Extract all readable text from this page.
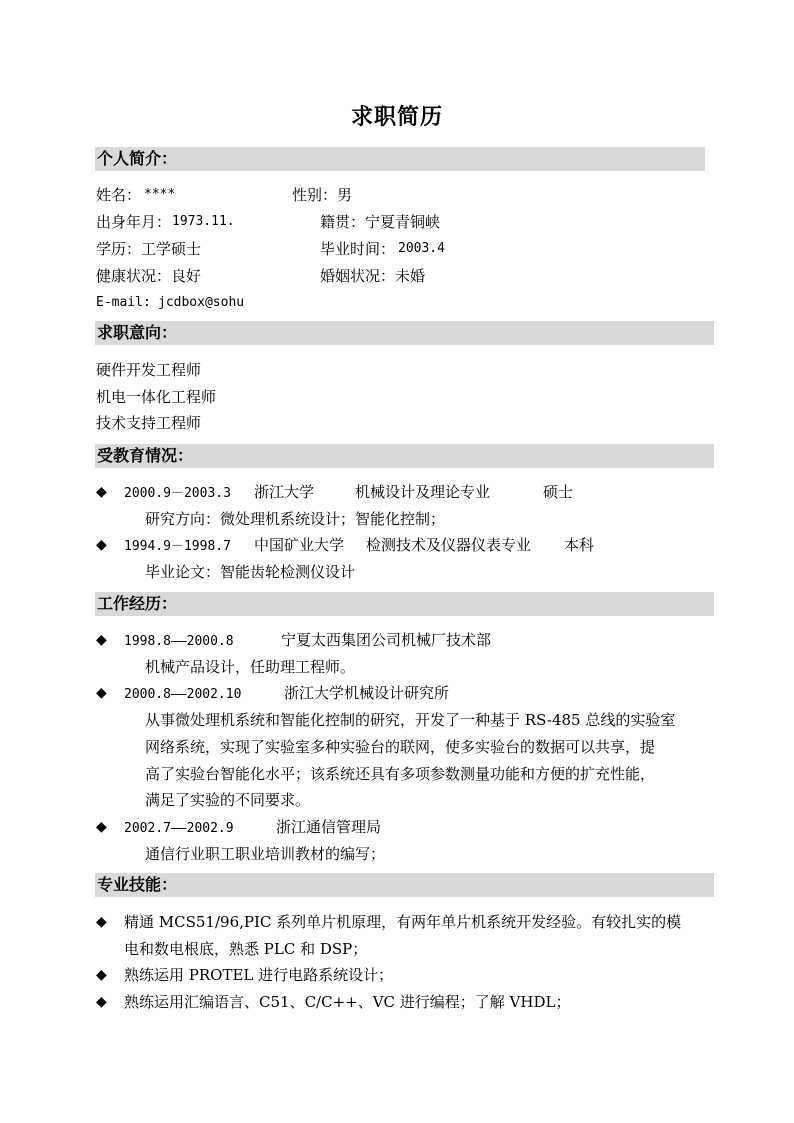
求职简历
个人简介：
姓名： ****	性别：男
出身年月： 1973.11.	籍贯：宁夏青铜峡
学历：工学硕士	毕业时间： 2003.4
健康状况：良好	婚姻状况：未婚
E-mail: jcdbox@sohu
求职意向：
硬件开发工程师
机电一体化工程师
技术支持工程师
受教育情况：
◆ 2000.9－2003.3 浙江大学	机械设计及理论专业	硕士
研究方向：微处理机系统设计；智能化控制；
◆ 1994.9－1998.7 中国矿业大学 检测技术及仪器仪表专业 本科
毕业论文：智能齿轮检测仪设计
工作经历：
◆ 1998.8——2000.8	宁夏太西集团公司机械厂技术部
机械产品设计，任助理工程师。
◆ 2000.8——2002.10	浙江大学机械设计研究所
从事微处理机系统和智能化控制的研究，开发了一种基于 RS-485 总线的实验室
网络系统，实现了实验室多种实验台的联网，使多实验台的数据可以共享，提
高了实验台智能化水平；该系统还具有多项参数测量功能和方便的扩充性能，
满足了实验的不同要求。
◆ 2002.7——2002.9	浙江通信管理局
通信行业职工职业培训教材的编写；
专业技能：
◆ 精通 MCS51/96,PIC 系列单片机原理，有两年单片机系统开发经验。有较扎实的模
电和数电根底，熟悉 PLC 和 DSP；
◆ 熟练运用 PROTEL 进行电路系统设计；
◆ 熟练运用汇编语言、C51、C/C++、VC 进行编程；了解 VHDL；
